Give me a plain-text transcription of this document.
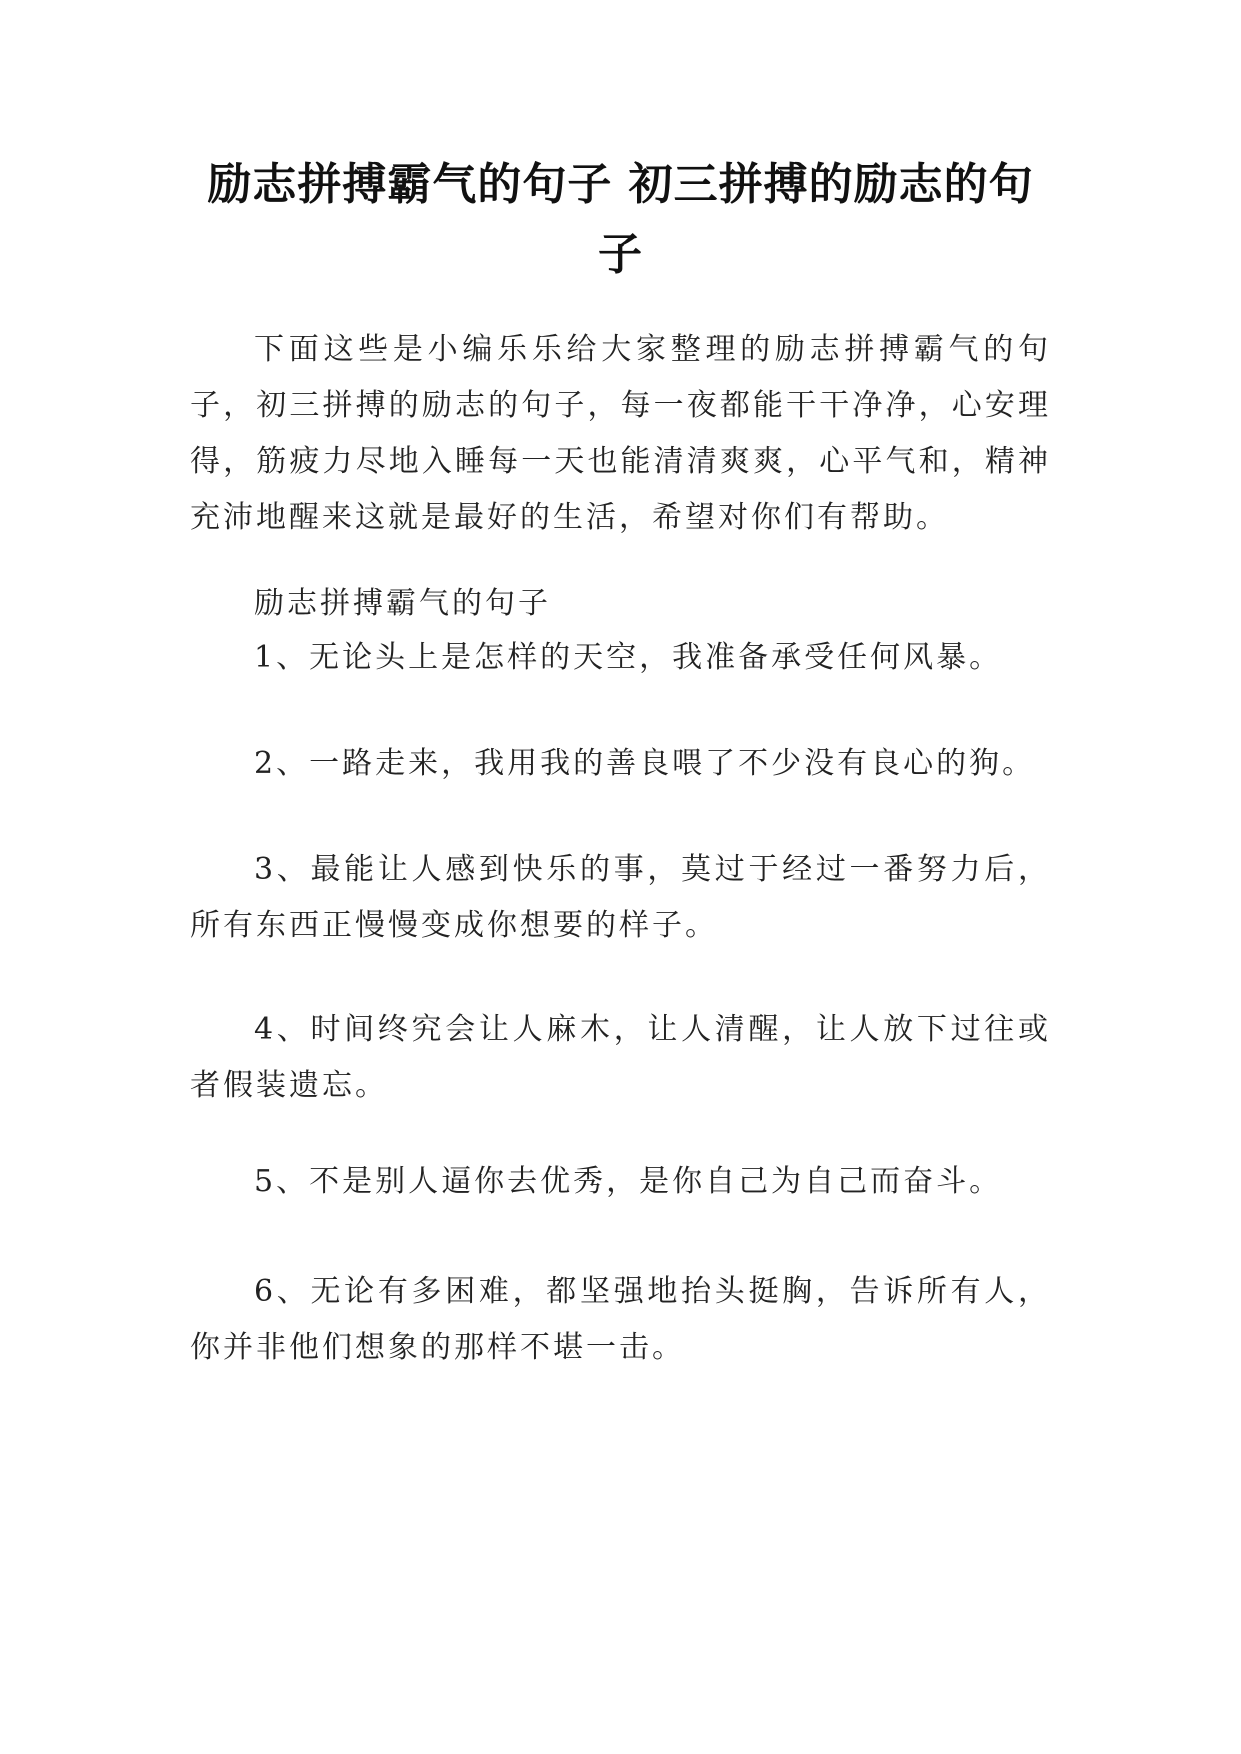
励志拼搏霸气的句子 初三拼搏的励志的句子
下面这些是小编乐乐给大家整理的励志拼搏霸气的句子，初三拼搏的励志的句子，每一夜都能干干净净，心安理得，筋疲力尽地入睡每一天也能清清爽爽，心平气和，精神充沛地醒来这就是最好的生活，希望对你们有帮助。
励志拼搏霸气的句子
1、无论头上是怎样的天空，我准备承受任何风暴。
2、一路走来，我用我的善良喂了不少没有良心的狗。
3、最能让人感到快乐的事，莫过于经过一番努力后，所有东西正慢慢变成你想要的样子。
4、时间终究会让人麻木，让人清醒，让人放下过往或者假装遗忘。
5、不是别人逼你去优秀，是你自己为自己而奋斗。
6、无论有多困难，都坚强地抬头挺胸，告诉所有人，你并非他们想象的那样不堪一击。
